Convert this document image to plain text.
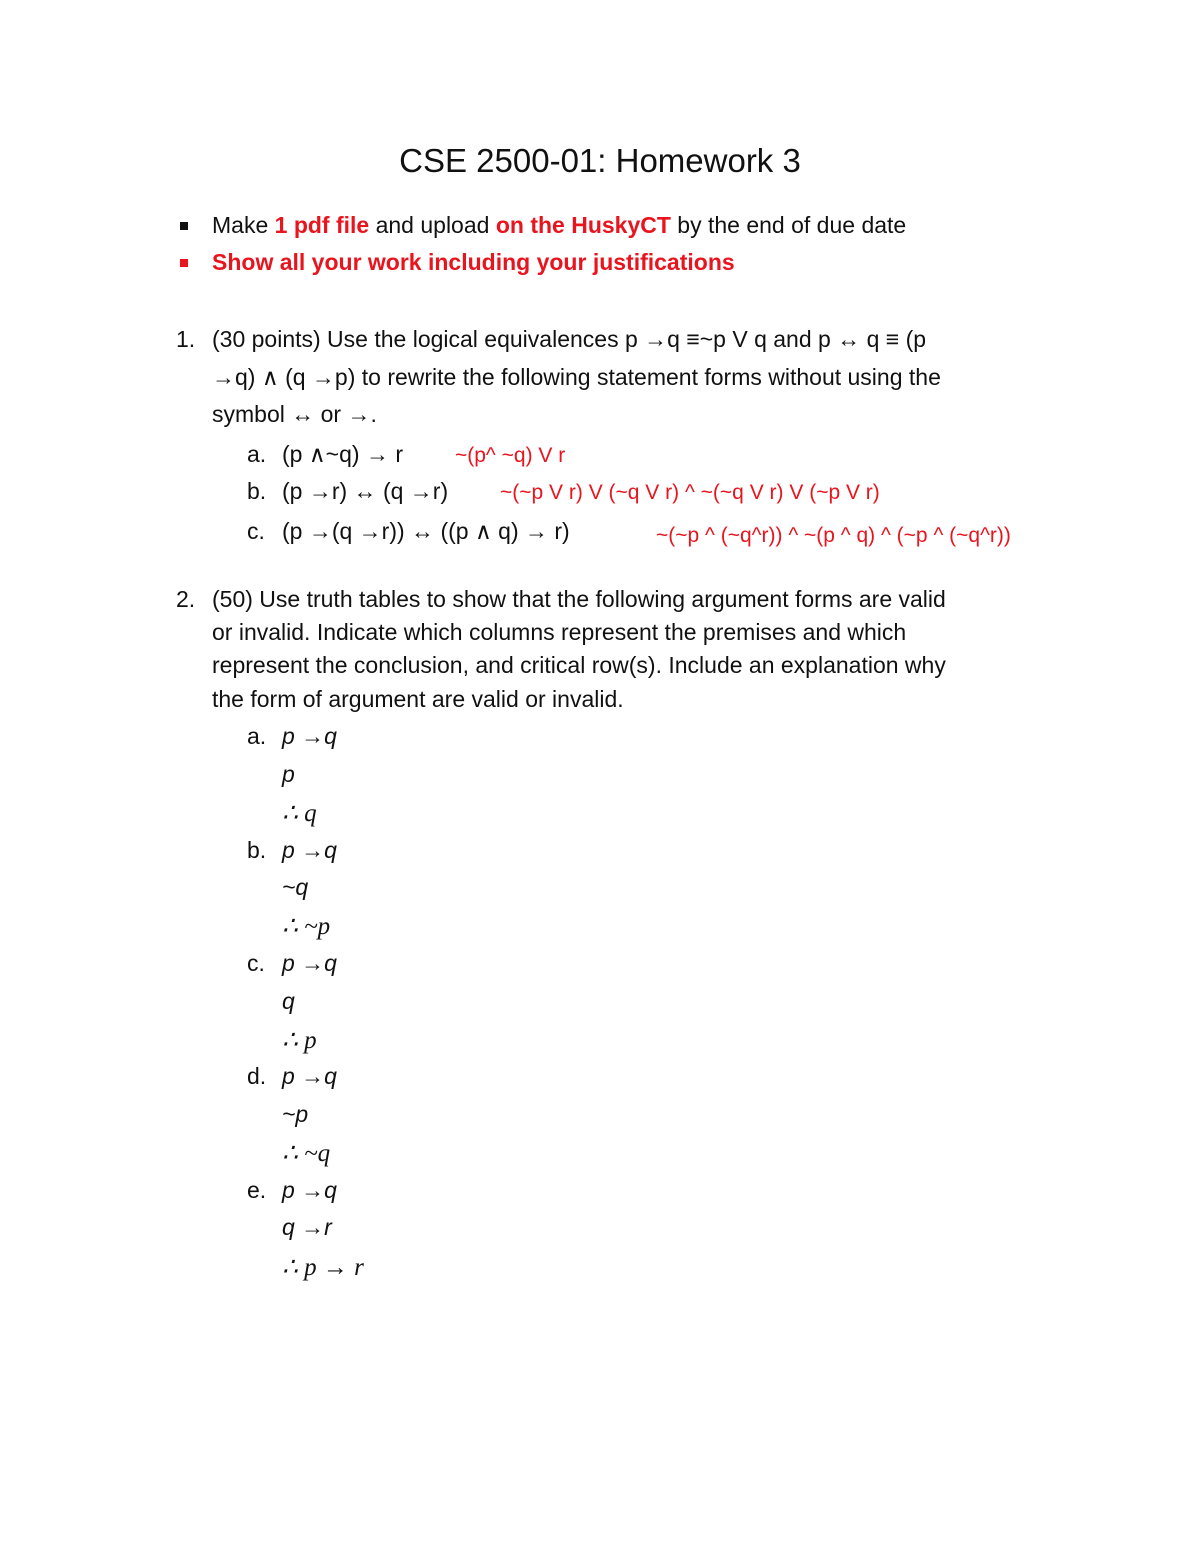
CSE 2500-01: Homework 3
Make 1 pdf file and upload on the HuskyCT by the end of due date
Show all your work including your justifications
1. (30 points) Use the logical equivalences p →q ≡~p V q and p ↔ q ≡ (p
→q) ∧ (q →p) to rewrite the following statement forms without using the
symbol ↔ or →.
a. (p ∧~q) → r ~(p^ ~q) V r
b. (p →r) ↔ (q →r) ~(~p V r) V (~q V r) ^ ~(~q V r) V (~p V r)
c. (p →(q →r)) ↔ ((p ∧ q) → r)	~(~p ^ (~q^r)) ^ ~(p ^ q) ^ (~p ^ (~q^r))
2. (50) Use truth tables to show that the following argument forms are valid
or invalid. Indicate which columns represent the premises and which
represent the conclusion, and critical row(s). Include an explanation why
the form of argument are valid or invalid.
a. p →q
p
∴ q
b. p →q
~q
∴ ~p
c. p →q
q
∴ p
d. p →q
~p
∴ ~q
e. p →q
q →r
∴ p → r
